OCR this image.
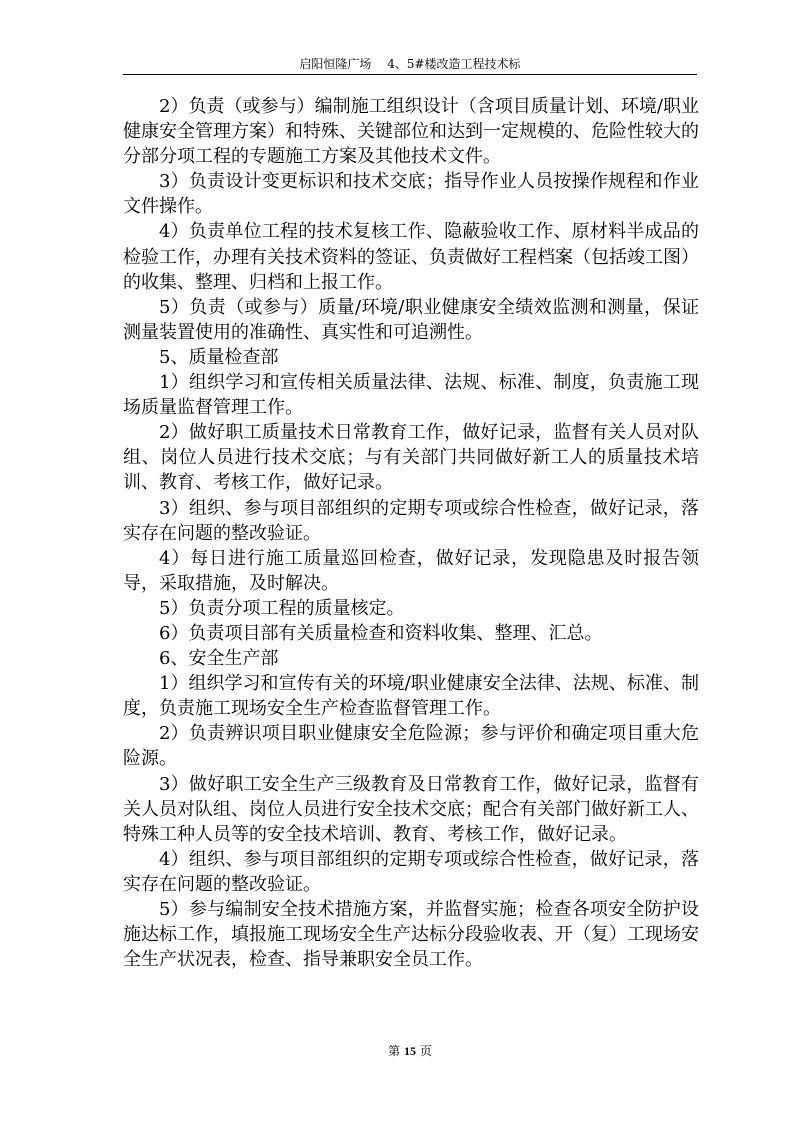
启阳恒隆广场　 4、5#楼改造工程技术标

2）负责（或参与）编制施工组织设计（含项目质量计划、环境/职业健康安全管理方案）和特殊、关键部位和达到一定规模的、危险性较大的分部分项工程的专题施工方案及其他技术文件。

3）负责设计变更标识和技术交底；指导作业人员按操作规程和作业文件操作。

4）负责单位工程的技术复核工作、隐蔽验收工作、原材料半成品的检验工作，办理有关技术资料的签证、负责做好工程档案（包括竣工图）的收集、整理、归档和上报工作。

5）负责（或参与）质量/环境/职业健康安全绩效监测和测量，保证测量装置使用的准确性、真实性和可追溯性。

5、质量检查部

1）组织学习和宣传相关质量法律、法规、标准、制度，负责施工现场质量监督管理工作。

2）做好职工质量技术日常教育工作，做好记录，监督有关人员对队组、岗位人员进行技术交底；与有关部门共同做好新工人的质量技术培训、教育、考核工作，做好记录。

3）组织、参与项目部组织的定期专项或综合性检查，做好记录，落实存在问题的整改验证。

4）每日进行施工质量巡回检查，做好记录，发现隐患及时报告领导，采取措施，及时解决。

5）负责分项工程的质量核定。

6）负责项目部有关质量检查和资料收集、整理、汇总。

6、安全生产部

1）组织学习和宣传有关的环境/职业健康安全法律、法规、标准、制度，负责施工现场安全生产检查监督管理工作。

2）负责辨识项目职业健康安全危险源；参与评价和确定项目重大危险源。

3）做好职工安全生产三级教育及日常教育工作，做好记录，监督有关人员对队组、岗位人员进行安全技术交底；配合有关部门做好新工人、特殊工种人员等的安全技术培训、教育、考核工作，做好记录。

4）组织、参与项目部组织的定期专项或综合性检查，做好记录，落实存在问题的整改验证。

5）参与编制安全技术措施方案，并监督实施；检查各项安全防护设施达标工作，填报施工现场安全生产达标分段验收表、开（复）工现场安全生产状况表，检查、指导兼职安全员工作。

第 15 页
